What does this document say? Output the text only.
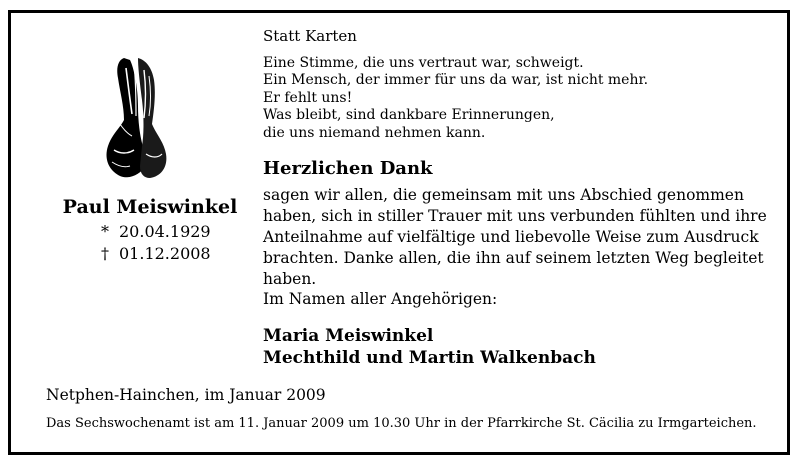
Paul Meiswinkel
* 20.04.1929
† 01.12.2008
Statt Karten
Eine Stimme, die uns vertraut war, schweigt.
Ein Mensch, der immer für uns da war, ist nicht mehr.
Er fehlt uns!
Was bleibt, sind dankbare Erinnerungen,
die uns niemand nehmen kann.
Herzlichen Dank
sagen wir allen, die gemeinsam mit uns Abschied genommen
haben, sich in stiller Trauer mit uns verbunden fühlten und ihre
Anteilnahme auf vielfältige und liebevolle Weise zum Ausdruck
brachten. Danke allen, die ihn auf seinem letzten Weg begleitet
haben.
Im Namen aller Angehörigen:
Maria Meiswinkel
Mechthild und Martin Walkenbach
Netphen-Hainchen, im Januar 2009
Das Sechswochenamt ist am 11. Januar 2009 um 10.30 Uhr in der Pfarrkirche St. Cäcilia zu Irmgarteichen.
